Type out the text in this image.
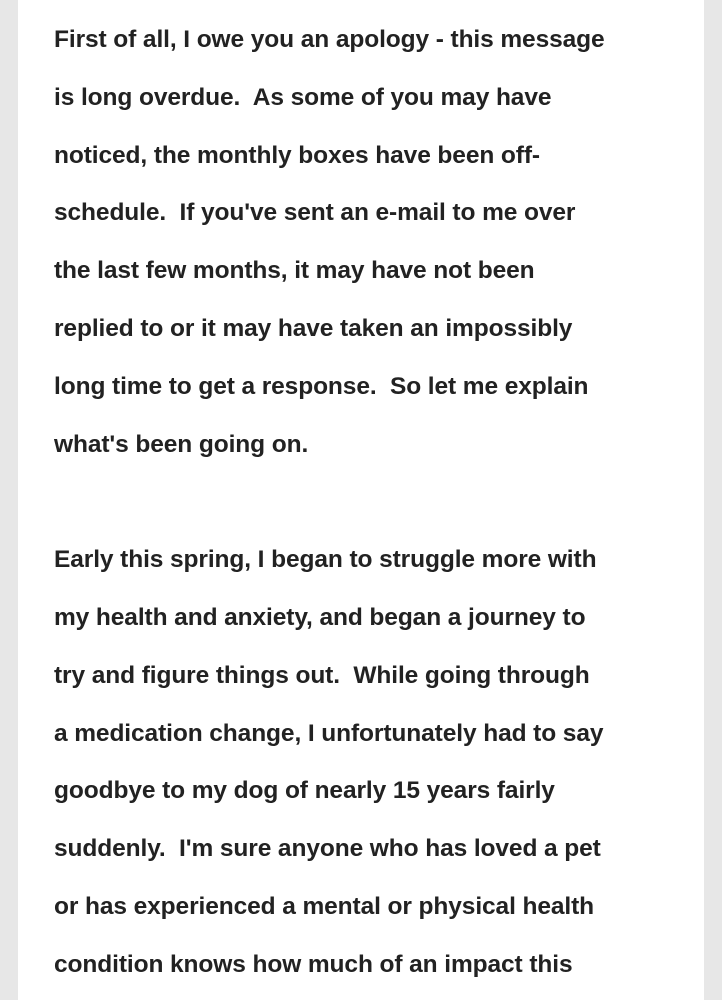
First of all, I owe you an apology - this message
is long overdue.  As some of you may have
noticed, the monthly boxes have been off-
schedule.  If you've sent an e-mail to me over
the last few months, it may have not been
replied to or it may have taken an impossibly
long time to get a response.  So let me explain
what's been going on.
Early this spring, I began to struggle more with
my health and anxiety, and began a journey to
try and figure things out.  While going through
a medication change, I unfortunately had to say
goodbye to my dog of nearly 15 years fairly
suddenly.  I'm sure anyone who has loved a pet
or has experienced a mental or physical health
condition knows how much of an impact this
